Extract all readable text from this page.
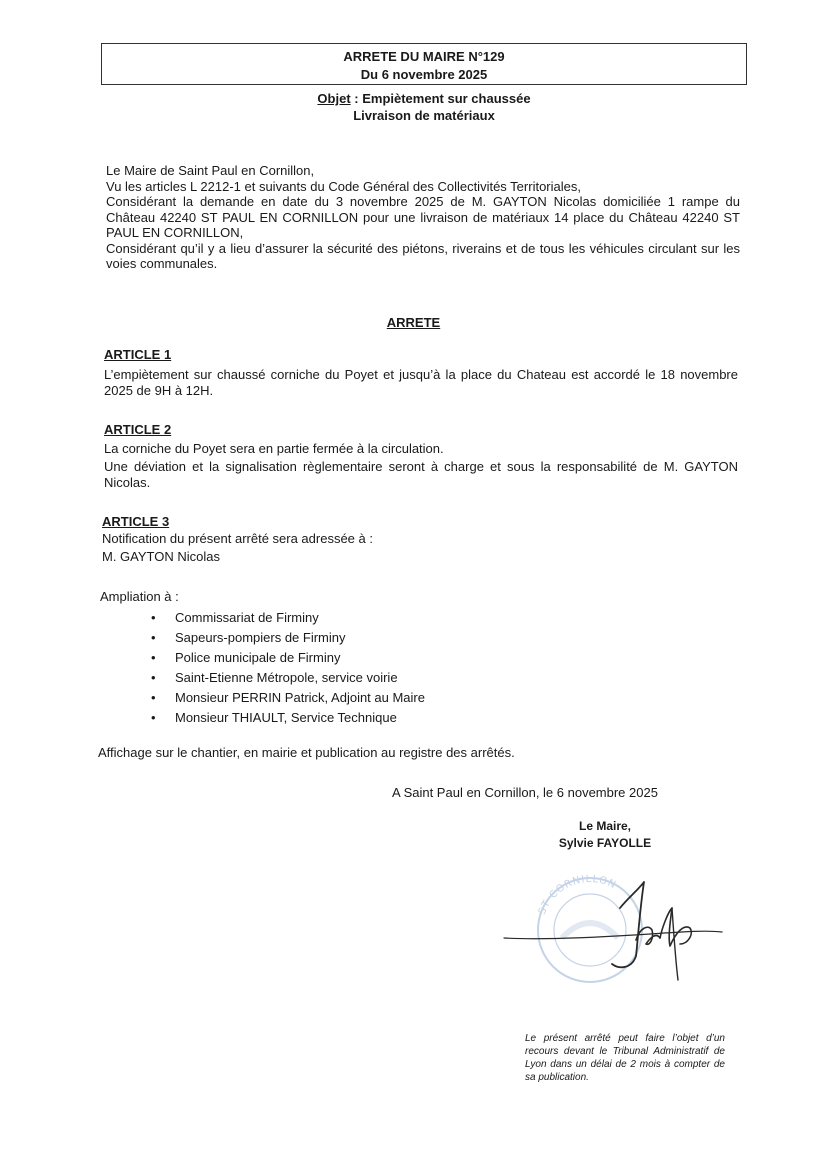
ARRETE DU MAIRE N°129
Du 6 novembre 2025
Objet : Empiètement sur chaussée
Livraison de matériaux

Le Maire de Saint Paul en Cornillon,

Vu les articles L 2212-1 et suivants du Code Général des Collectivités Territoriales,

Considérant la demande en date du 3 novembre 2025 de M. GAYTON Nicolas domiciliée 1 rampe du Château 42240 ST PAUL EN CORNILLON pour une livraison de matériaux 14 place du Château 42240 ST PAUL EN CORNILLON,

Considérant qu’il y a lieu d’assurer la sécurité des piétons, riverains et de tous les véhicules circulant sur les voies communales.

ARRETE
ARTICLE 1

L’empiètement sur chaussé corniche du Poyet et jusqu’à la place du Chateau est accordé le 18 novembre 2025 de 9H à 12H.

ARTICLE 2

La corniche du Poyet sera en partie fermée à la circulation.

Une déviation et la signalisation règlementaire seront à charge et sous la responsabilité de M. GAYTON Nicolas.

ARTICLE 3

Notification du présent arrêté sera adressée à :

M. GAYTON Nicolas

Ampliation à :
• Commissariat de Firminy
• Sapeurs-pompiers de Firminy
• Police municipale de Firminy
• Saint-Etienne Métropole, service voirie
• Monsieur PERRIN Patrick, Adjoint au Maire
• Monsieur THIAULT, Service Technique
Affichage sur le chantier, en mairie et publication au registre des arrêtés.
A Saint Paul en Cornillon, le 6 novembre 2025
Le Maire,
Sylvie FAYOLLE
ST CORNILLON
Le présent arrêté peut faire l’objet d’un recours devant le Tribunal Administratif de Lyon dans un délai de 2 mois à compter de sa publication.
